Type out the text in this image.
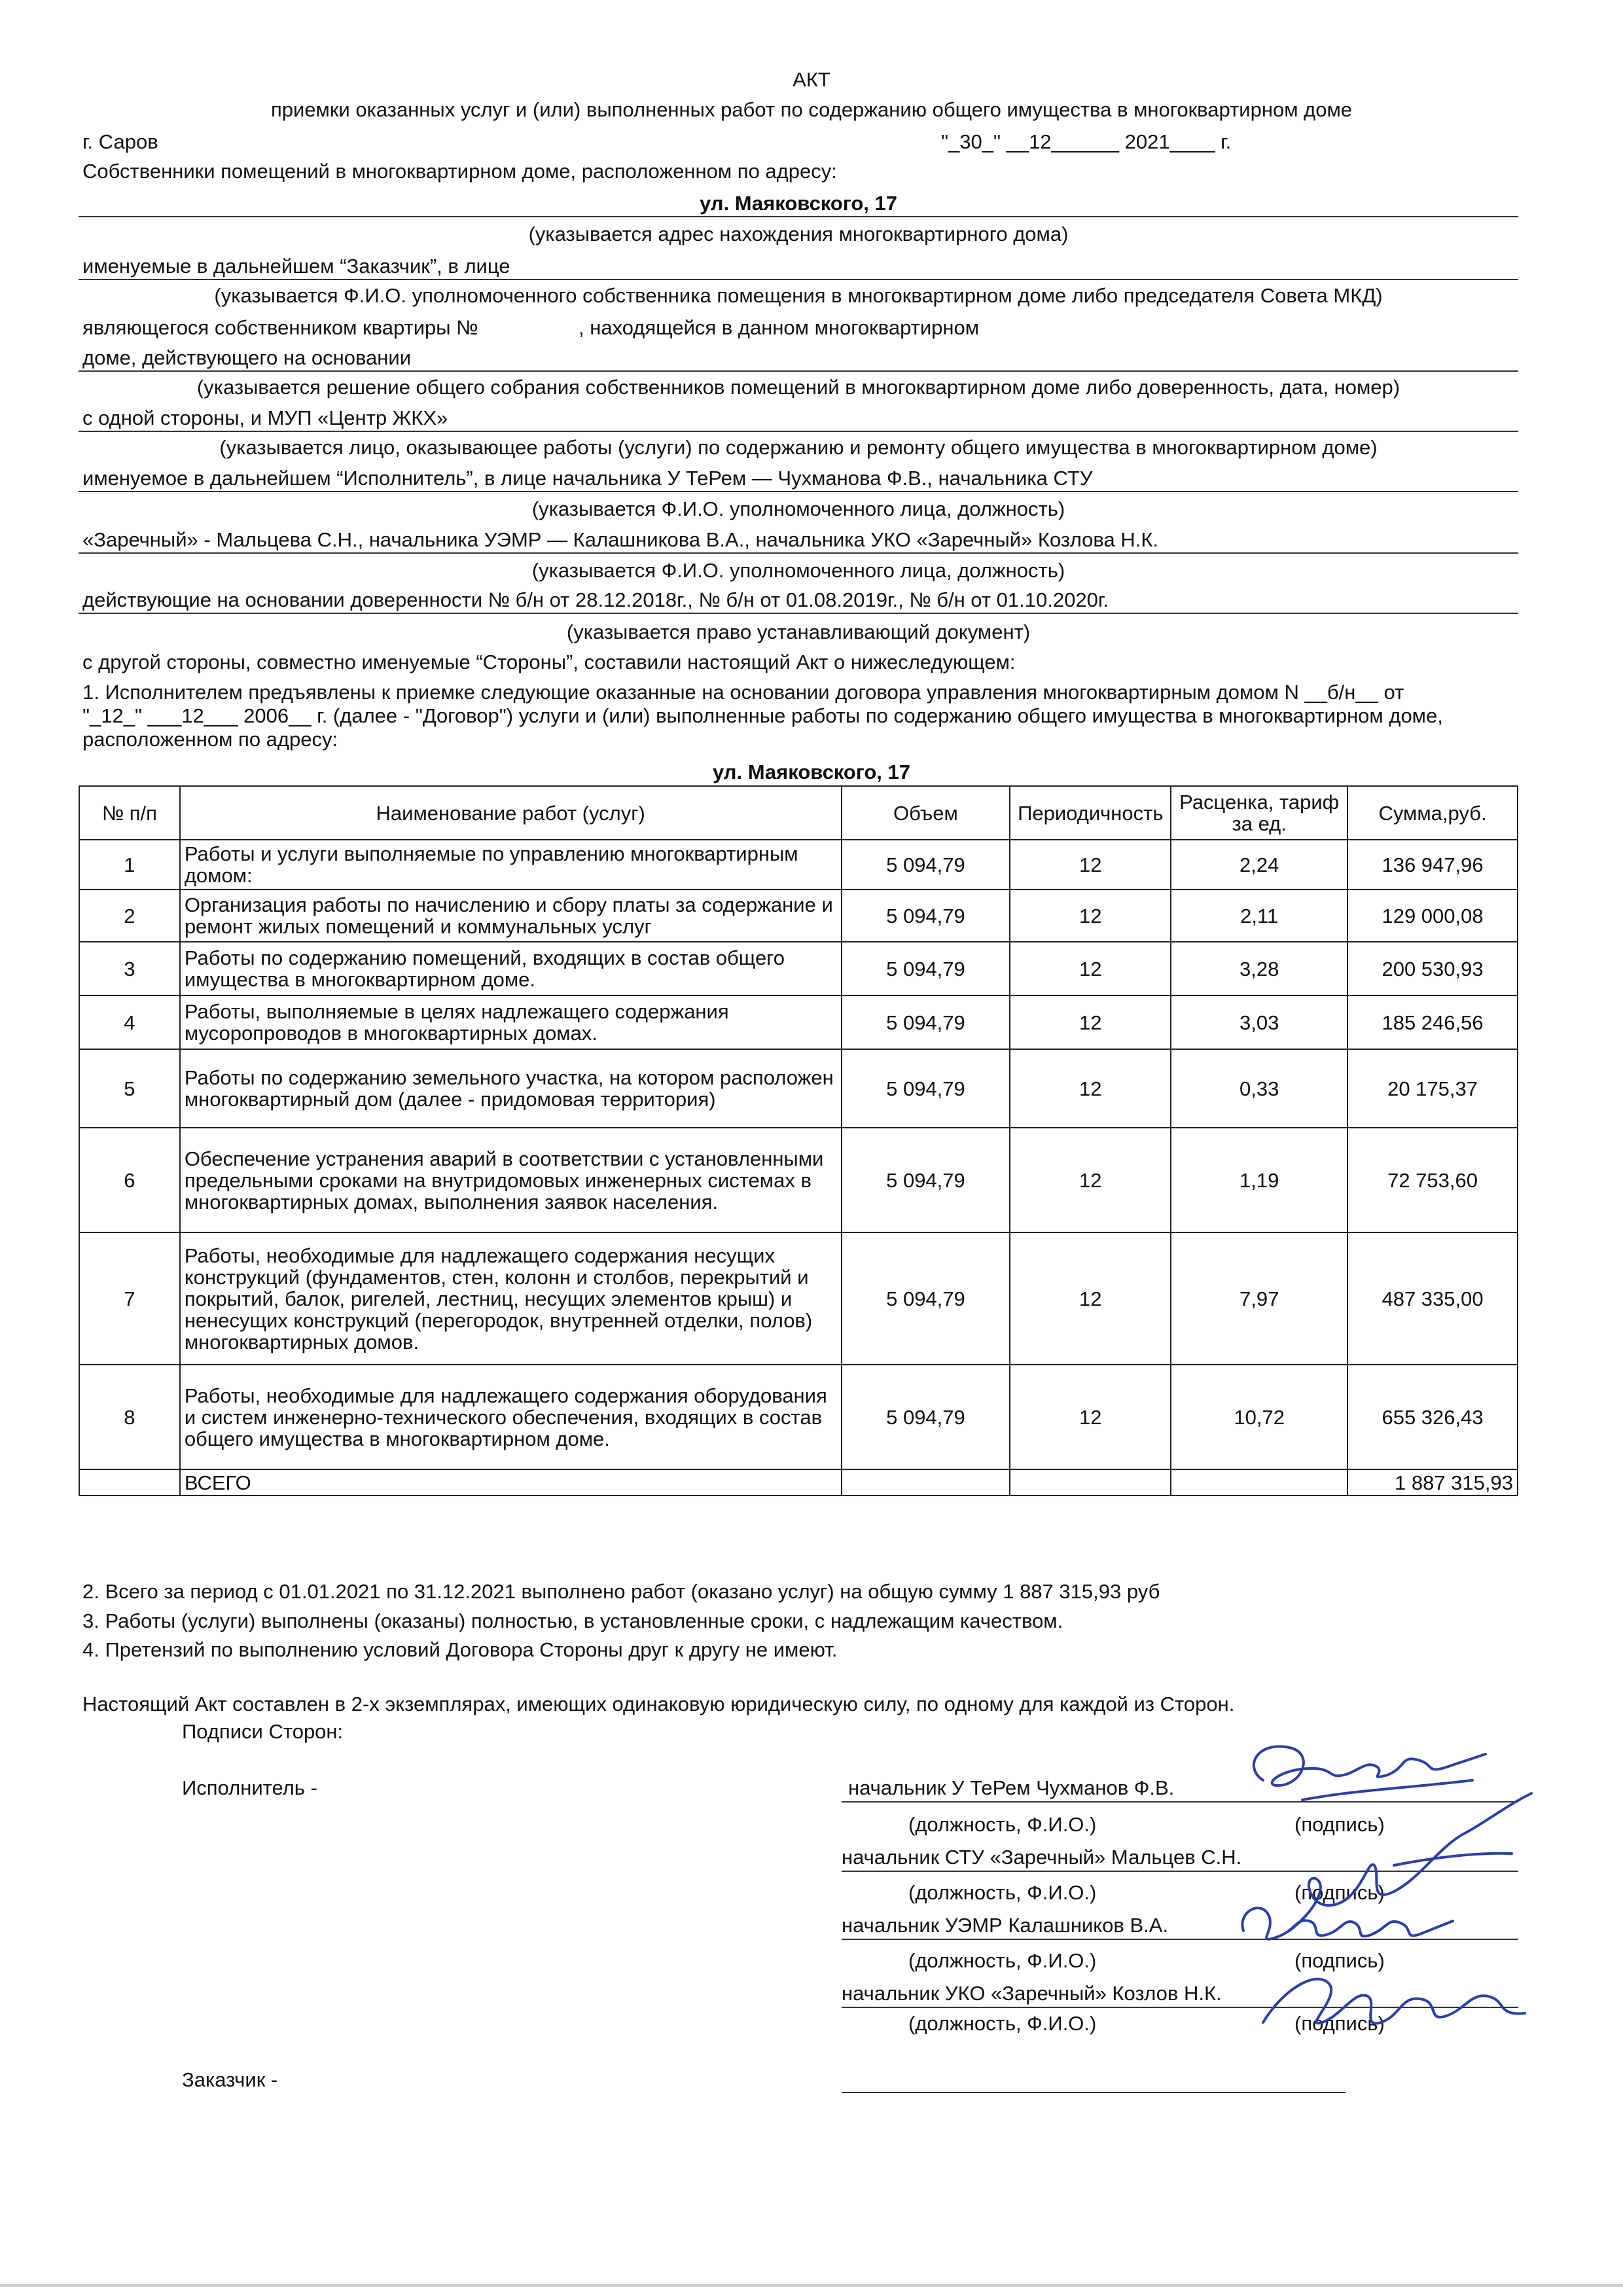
АКТ
приемки оказанных услуг и (или) выполненных работ по содержанию общего имущества в многоквартирном доме
г. Саров	"_30_" __12______ 2021____ г.
Собственники помещений в многоквартирном доме, расположенном по адресу:
ул. Маяковского, 17
(указывается адрес нахождения многоквартирного дома)
именуемые в дальнейшем “Заказчик”, в лице
(указывается Ф.И.О. уполномоченного собственника помещения в многоквартирном доме либо председателя Совета МКД)
являющегося собственником квартиры №	, находящейся в данном многоквартирном
доме, действующего на основании
(указывается решение общего собрания собственников помещений в многоквартирном доме либо доверенность, дата, номер)
с одной стороны, и МУП «Центр ЖКХ»
(указывается лицо, оказывающее работы (услуги) по содержанию и ремонту общего имущества в многоквартирном доме)
именуемое в дальнейшем “Исполнитель”, в лице начальника У ТеРем — Чухманова Ф.В., начальника СТУ
(указывается Ф.И.О. уполномоченного лица, должность)
«Заречный» - Мальцева С.Н., начальника УЭМР — Калашникова В.А., начальника УКО «Заречный» Козлова Н.К.
(указывается Ф.И.О. уполномоченного лица, должность)
действующие на основании доверенности № б/н от 28.12.2018г., № б/н от 01.08.2019г., № б/н от 01.10.2020г.
(указывается право устанавливающий документ)
с другой стороны, совместно именуемые “Стороны”, составили настоящий Акт о нижеследующем:
1. Исполнителем предъявлены к приемке следующие оказанные на основании договора управления многоквартирным домом N __б/н__ от
"_12_" ___12___ 2006__ г. (далее - "Договор") услуги и (или) выполненные работы по содержанию общего имущества в многоквартирном доме,
расположенном по адресу:
ул. Маяковского, 17
№ п/п	Наименование работ (услуг)	Объем	Периодичность	Расценка, тариф за ед.	Сумма,руб.
1	Работы и услуги выполняемые по управлению многоквартирным домом:	5 094,79	12	2,24	136 947,96
2	Организация работы по начислению и сбору платы за содержание и ремонт жилых помещений и коммунальных услуг	5 094,79	12	2,11	129 000,08
3	Работы по содержанию помещений, входящих в состав общего имущества в многоквартирном доме.	5 094,79	12	3,28	200 530,93
4	Работы, выполняемые в целях надлежащего содержания мусоропроводов в многоквартирных домах.	5 094,79	12	3,03	185 246,56
5	Работы по содержанию земельного участка, на котором расположен многоквартирный дом (далее - придомовая территория)	5 094,79	12	0,33	20 175,37
6	Обеспечение устранения аварий в соответствии с установленными предельными сроками на внутридомовых инженерных системах в многоквартирных домах, выполнения заявок населения.	5 094,79	12	1,19	72 753,60
7	Работы, необходимые для надлежащего содержания несущих конструкций (фундаментов, стен, колонн и столбов, перекрытий и покрытий, балок, ригелей, лестниц, несущих элементов крыш) и ненесущих конструкций (перегородок, внутренней отделки, полов) многоквартирных домов.	5 094,79	12	7,97	487 335,00
8	Работы, необходимые для надлежащего содержания оборудования и систем инженерно-технического обеспечения, входящих в состав общего имущества в многоквартирном доме.	5 094,79	12	10,72	655 326,43
	ВСЕГО				1 887 315,93
2. Всего за период с 01.01.2021 по 31.12.2021 выполнено работ (оказано услуг) на общую сумму 1 887 315,93 руб
3. Работы (услуги) выполнены (оказаны) полностью, в установленные сроки, с надлежащим качеством.
4. Претензий по выполнению условий Договора Стороны друг к другу не имеют.
Настоящий Акт составлен в 2-х экземплярах, имеющих одинаковую юридическую силу, по одному для каждой из Сторон.
Подписи Сторон:
Исполнитель -	начальник У ТеРем Чухманов Ф.В.
(должность, Ф.И.О.)	(подпись)
начальник СТУ «Заречный» Мальцев С.Н.
(должность, Ф.И.О.)	(подпись)
начальник УЭМР Калашников В.А.
(должность, Ф.И.О.)	(подпись)
начальник УКО «Заречный» Козлов Н.К.
(должность, Ф.И.О.)	(подпись)
Заказчик -
